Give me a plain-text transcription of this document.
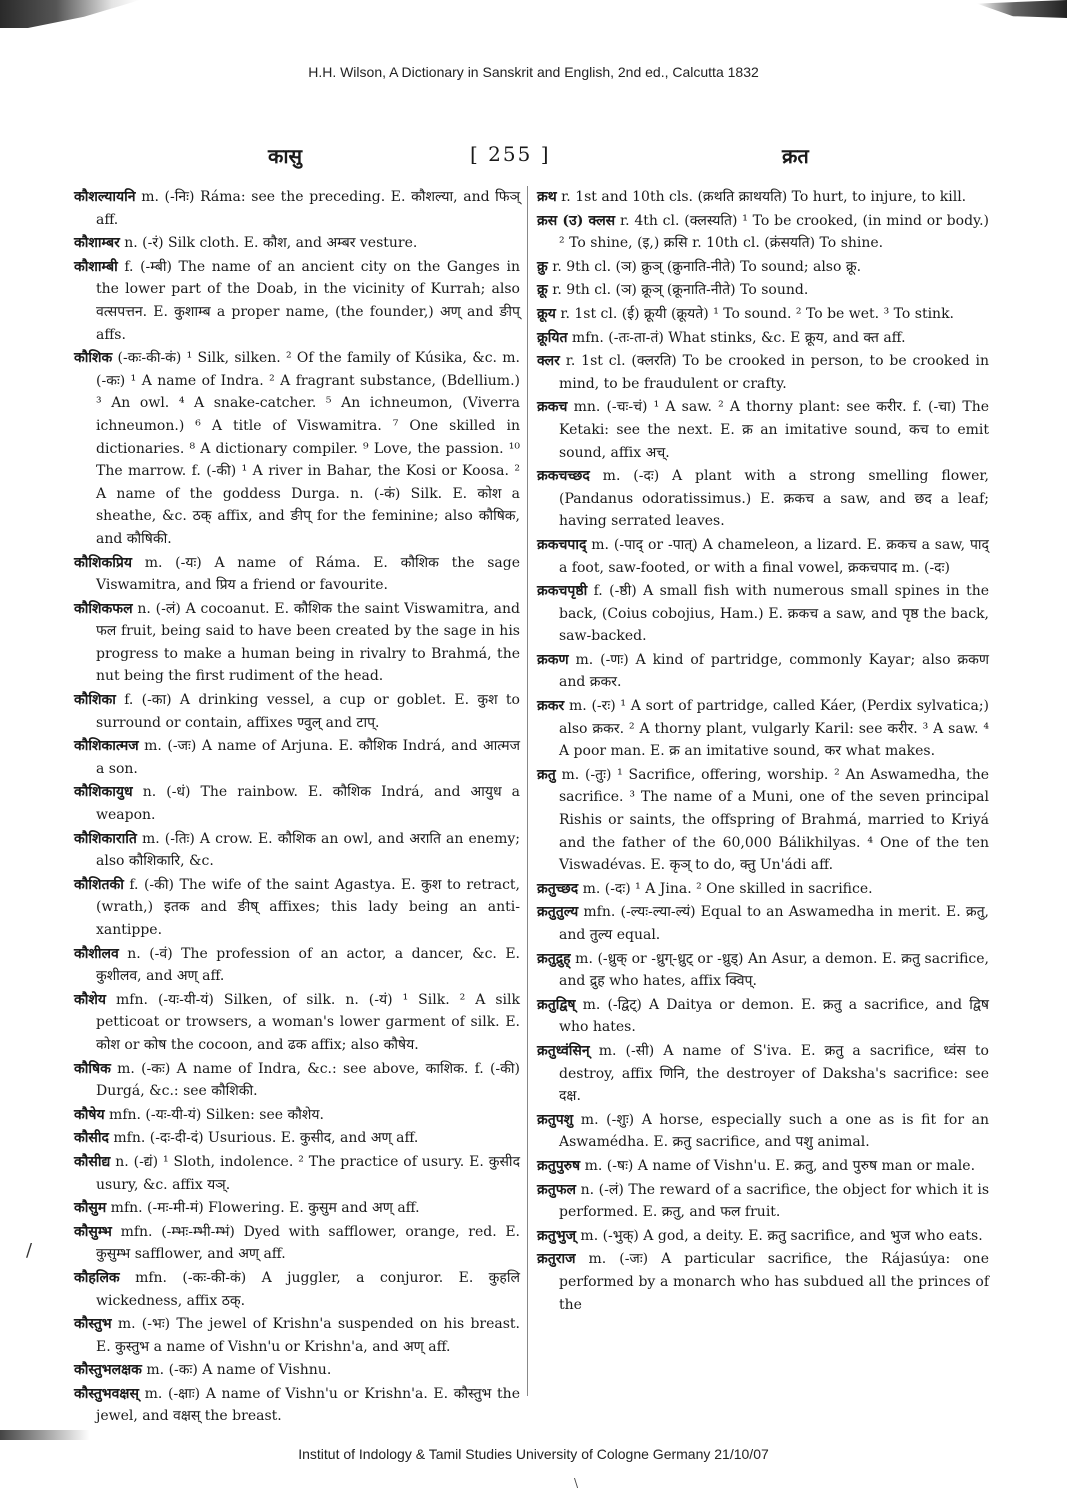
H.H. Wilson, A Dictionary in Sanskrit and English, 2nd ed., Calcutta 1832
कासु	[ 255 ]	क्रत

कौशल्यायनि m. (-निः) Ráma: see the preceding. E. कौशल्या, and फिञ् aff.

कौशाम्बर n. (-रं) Silk cloth. E. कौश, and अम्बर vesture.

कौशाम्बी f. (-म्बी) The name of an ancient city on the Ganges in the lower part of the Doab, in the vicinity of Kurrah; also वत्सपत्तन. E. कुशाम्ब a proper name, (the founder,) अण् and ङीप् affs.

कौशिक (-कः-की-कं) ¹ Silk, silken. ² Of the family of Kúsika, &c. m. (-कः) ¹ A name of Indra. ² A fragrant substance, (Bdellium.) ³ An owl. ⁴ A snake-catcher. ⁵ An ichneumon, (Viverra ichneumon.) ⁶ A title of Viswamitra. ⁷ One skilled in dictionaries. ⁸ A dictionary compiler. ⁹ Love, the passion. ¹⁰ The marrow. f. (-की) ¹ A river in Bahar, the Kosi or Koosa. ² A name of the goddess Durga. n. (-कं) Silk. E. कोश a sheathe, &c. ठक् affix, and ङीप् for the feminine; also कौषिक, and कौषिकी.

कौशिकप्रिय m. (-यः) A name of Ráma. E. कौशिक the sage Viswamitra, and प्रिय a friend or favourite.

कौशिकफल n. (-लं) A cocoanut. E. कौशिक the saint Viswamitra, and फल fruit, being said to have been created by the sage in his progress to make a human being in rivalry to Brahmá, the nut being the first rudiment of the head.

कौशिका f. (-का) A drinking vessel, a cup or goblet. E. कुश to surround or contain, affixes ण्वुल् and टाप्.

कौशिकात्मज m. (-जः) A name of Arjuna. E. कौशिक Indrá, and आत्मज a son.

कौशिकायुध n. (-धं) The rainbow. E. कौशिक Indrá, and आयुध a weapon.

कौशिकाराति m. (-तिः) A crow. E. कौशिक an owl, and अराति an enemy; also कौशिकारि, &c.

कौशितकी f. (-की) The wife of the saint Agastya. E. कुश to retract, (wrath,) इतक and ङीष् affixes; this lady being an anti-xantippe.

कौशीलव n. (-वं) The profession of an actor, a dancer, &c. E. कुशीलव, and अण् aff.

कौशेय mfn. (-यः-यी-यं) Silken, of silk. n. (-यं) ¹ Silk. ² A silk petticoat or trowsers, a woman's lower garment of silk. E. कोश or कोष the cocoon, and ढक affix; also कौषेय.

कौषिक m. (-कः) A name of Indra, &c.: see above, काशिक. f. (-की) Durgá, &c.: see कौशिकी.

कौषेय mfn. (-यः-यी-यं) Silken: see कौशेय.

कौसीद mfn. (-दः-दी-दं) Usurious. E. कुसीद, and अण् aff.

कौसीद्य n. (-द्यं) ¹ Sloth, indolence. ² The practice of usury. E. कुसीद usury, &c. affix यञ्.

कौसुम mfn. (-मः-मी-मं) Flowering. E. कुसुम and अण् aff.

कौसुम्भ mfn. (-म्भः-म्भी-म्भं) Dyed with safflower, orange, red. E. कुसुम्भ safflower, and अण् aff.

कौहलिक mfn. (-कः-की-कं) A juggler, a conjuror. E. कुहलि wickedness, affix ठक्.

कौस्तुभ m. (-भः) The jewel of Krishn'a suspended on his breast. E. कुस्तुभ a name of Vishn'u or Krishn'a, and अण् aff.

कौस्तुभलक्षक m. (-कः) A name of Vishnu.

कौस्तुभवक्षस् m. (-क्षाः) A name of Vishn'u or Krishn'a. E. कौस्तुभ the jewel, and वक्षस् the breast.

क्रथ r. 1st and 10th cls. (क्रथति क्राथयति) To hurt, to injure, to kill.

क्रस (उ) क्लस r. 4th cl. (क्लस्यति) ¹ To be crooked, (in mind or body.) ² To shine, (इ,) क्रसि r. 10th cl. (क्रंसयति) To shine.

क्रु r. 9th cl. (ञ) क्रुञ् (क्रुनाति-नीते) To sound; also क्रू.

क्रू r. 9th cl. (ञ) क्रूञ् (क्रूनाति-नीते) To sound.

क्रूय r. 1st cl. (ई) क्रूयी (क्रूयते) ¹ To sound. ² To be wet. ³ To stink.

क्रूयित mfn. (-तः-ता-तं) What stinks, &c. E क्रूय, and क्त aff.

क्लर r. 1st cl. (क्लरति) To be crooked in person, to be crooked in mind, to be fraudulent or crafty.

क्रकच mn. (-चः-चं) ¹ A saw. ² A thorny plant: see करीर. f. (-चा) The Ketaki: see the next. E. क्र an imitative sound, कच to emit sound, affix अच्.

क्रकचच्छद m. (-दः) A plant with a strong smelling flower, (Pandanus odoratissimus.) E. क्रकच a saw, and छद a leaf; having serrated leaves.

क्रकचपाद् m. (-पाद् or -पात्) A chameleon, a lizard. E. क्रकच a saw, पाद् a foot, saw-footed, or with a final vowel, क्रकचपाद m. (-दः)

क्रकचपृष्ठी f. (-ष्ठी) A small fish with numerous small spines in the back, (Coius cobojius, Ham.) E. क्रकच a saw, and पृष्ठ the back, saw-backed.

क्रकण m. (-णः) A kind of partridge, commonly Kayar; also क्रकण and क्रकर.

क्रकर m. (-रः) ¹ A sort of partridge, called Káer, (Perdix sylvatica;) also क्रकर. ² A thorny plant, vulgarly Karil: see करीर. ³ A saw. ⁴ A poor man. E. क्र an imitative sound, कर what makes.

क्रतु m. (-तुः) ¹ Sacrifice, offering, worship. ² An Aswamedha, the sacrifice. ³ The name of a Muni, one of the seven principal Rishis or saints, the offspring of Brahmá, married to Kriyá and the father of the 60,000 Bálikhilyas. ⁴ One of the ten Viswadévas. E. कृञ् to do, क्तु Un'ádi aff.

क्रतुच्छद m. (-दः) ¹ A Jina. ² One skilled in sacrifice.

क्रतुतुल्य mfn. (-ल्यः-ल्या-ल्यं) Equal to an Aswamedha in merit. E. क्रतु, and तुल्य equal.

क्रतुद्रुह् m. (-ध्रुक् or -ध्रुग्-ध्रुट् or -ध्रुड्) An Asur, a demon. E. क्रतु sacrifice, and द्रुह who hates, affix क्विप्.

क्रतुद्विष् m. (-द्विट्) A Daitya or demon. E. क्रतु a sacrifice, and द्विष who hates.

क्रतुध्वंसिन् m. (-सी) A name of S'iva. E. क्रतु a sacrifice, ध्वंस to destroy, affix णिनि, the destroyer of Daksha's sacrifice: see दक्ष.

क्रतुपशु m. (-शुः) A horse, especially such a one as is fit for an Aswamédha. E. क्रतु sacrifice, and पशु animal.

क्रतुपुरुष m. (-षः) A name of Vishn'u. E. क्रतु, and पुरुष man or male.

क्रतुफल n. (-लं) The reward of a sacrifice, the object for which it is performed. E. क्रतु, and फल fruit.

क्रतुभुज् m. (-भुक्) A god, a deity. E. क्रतु sacrifice, and भुज who eats.

क्रतुराज m. (-जः) A particular sacrifice, the Rájasúya: one performed by a monarch who has subdued all the princes of the

/
\
Institut of Indology & Tamil Studies University of Cologne Germany 21/10/07
